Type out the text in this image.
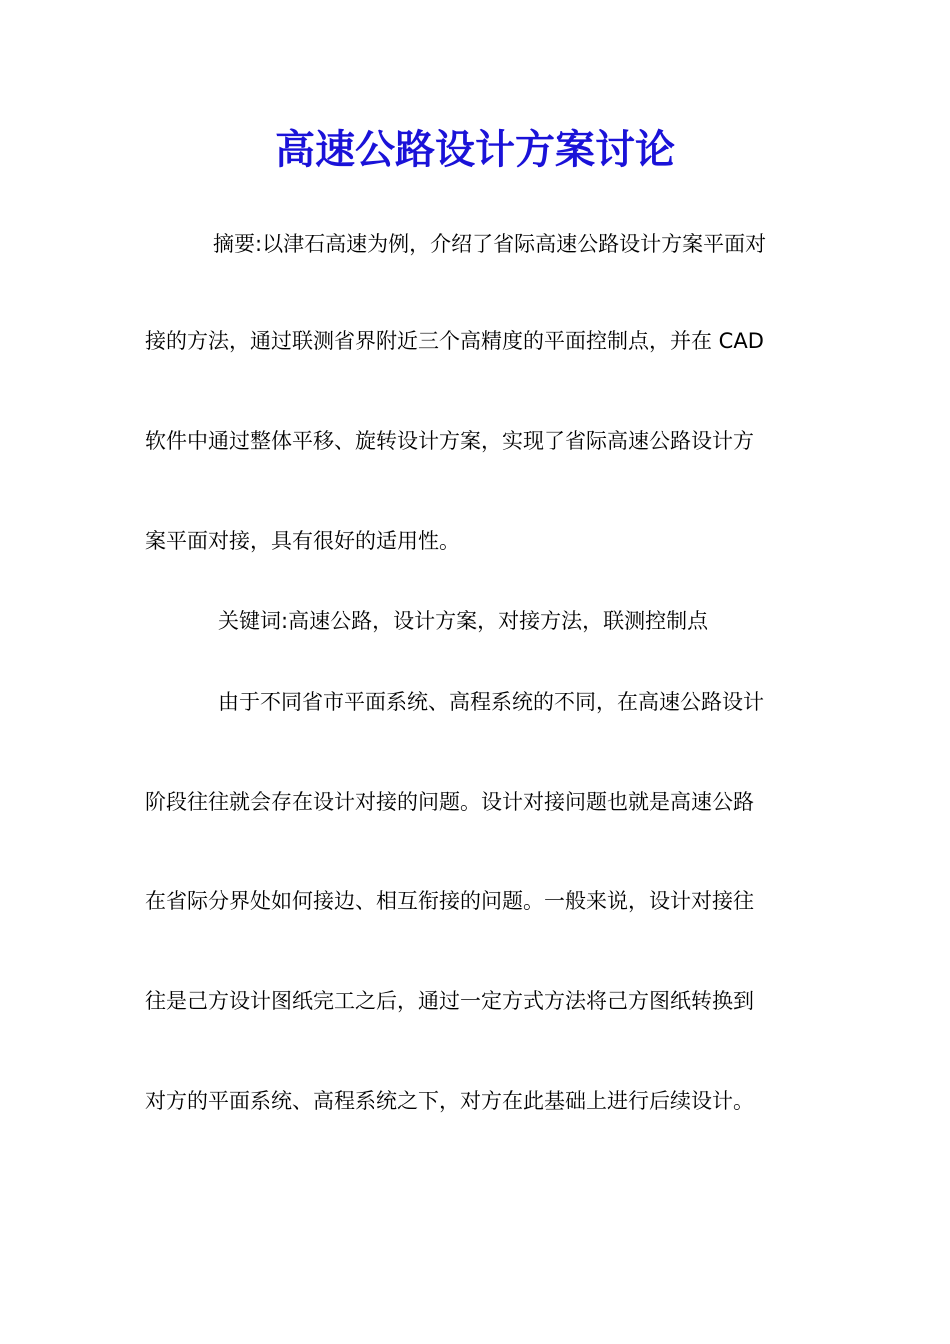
高速公路设计方案讨论

摘要:以津石高速为例，介绍了省际高速公路设计方案平面对

接的方法，通过联测省界附近三个高精度的平面控制点，并在 CAD

软件中通过整体平移、旋转设计方案，实现了省际高速公路设计方

案平面对接，具有很好的适用性。

关键词:高速公路，设计方案，对接方法，联测控制点

由于不同省市平面系统、高程系统的不同，在高速公路设计

阶段往往就会存在设计对接的问题。设计对接问题也就是高速公路

在省际分界处如何接边、相互衔接的问题。一般来说，设计对接往

往是己方设计图纸完工之后，通过一定方式方法将己方图纸转换到

对方的平面系统、高程系统之下，对方在此基础上进行后续设计。
